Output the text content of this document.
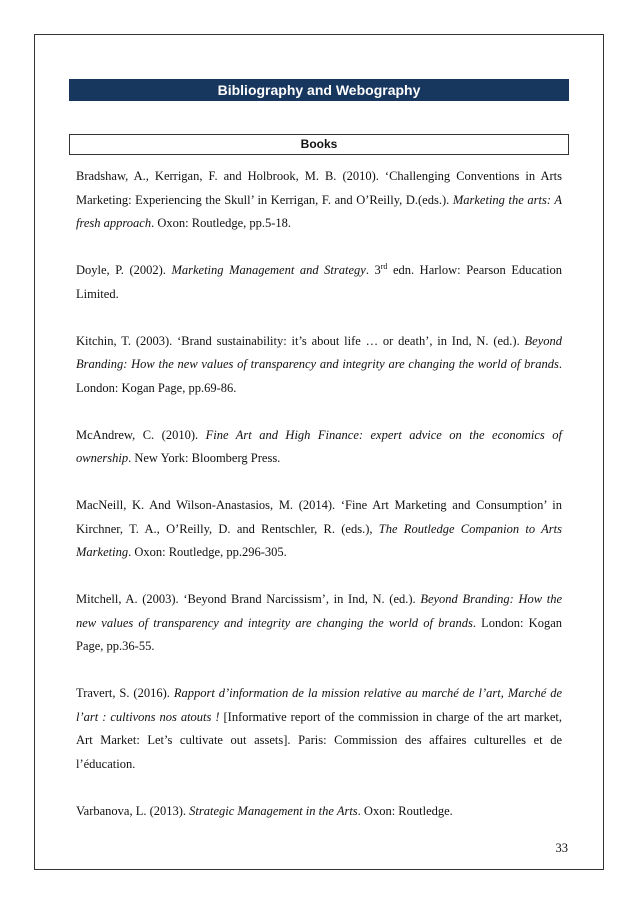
Bibliography and Webography
Books

Bradshaw, A., Kerrigan, F. and Holbrook, M. B. (2010). ‘Challenging Conventions in Arts Marketing: Experiencing the Skull’ in Kerrigan, F. and O’Reilly, D.(eds.). Marketing the arts: A fresh approach. Oxon: Routledge, pp.5-18.

Doyle, P. (2002). Marketing Management and Strategy. 3rd edn. Harlow: Pearson Education Limited.

Kitchin, T. (2003). ‘Brand sustainability: it’s about life … or death’, in Ind, N. (ed.). Beyond Branding: How the new values of transparency and integrity are changing the world of brands. London: Kogan Page, pp.69-86.

McAndrew, C. (2010). Fine Art and High Finance: expert advice on the economics of ownership. New York: Bloomberg Press.

MacNeill, K. And Wilson-Anastasios, M. (2014). ‘Fine Art Marketing and Consumption’ in Kirchner, T. A., O’Reilly, D. and Rentschler, R. (eds.), The Routledge Companion to Arts Marketing. Oxon: Routledge, pp.296-305.

Mitchell, A. (2003). ‘Beyond Brand Narcissism’, in Ind, N. (ed.). Beyond Branding: How the new values of transparency and integrity are changing the world of brands. London: Kogan Page, pp.36-55.

Travert, S. (2016). Rapport d’information de la mission relative au marché de l’art, Marché de l’art : cultivons nos atouts ! [Informative report of the commission in charge of the art market, Art Market: Let’s cultivate out assets]. Paris: Commission des affaires culturelles et de l’éducation.

Varbanova, L. (2013). Strategic Management in the Arts. Oxon: Routledge.

33
